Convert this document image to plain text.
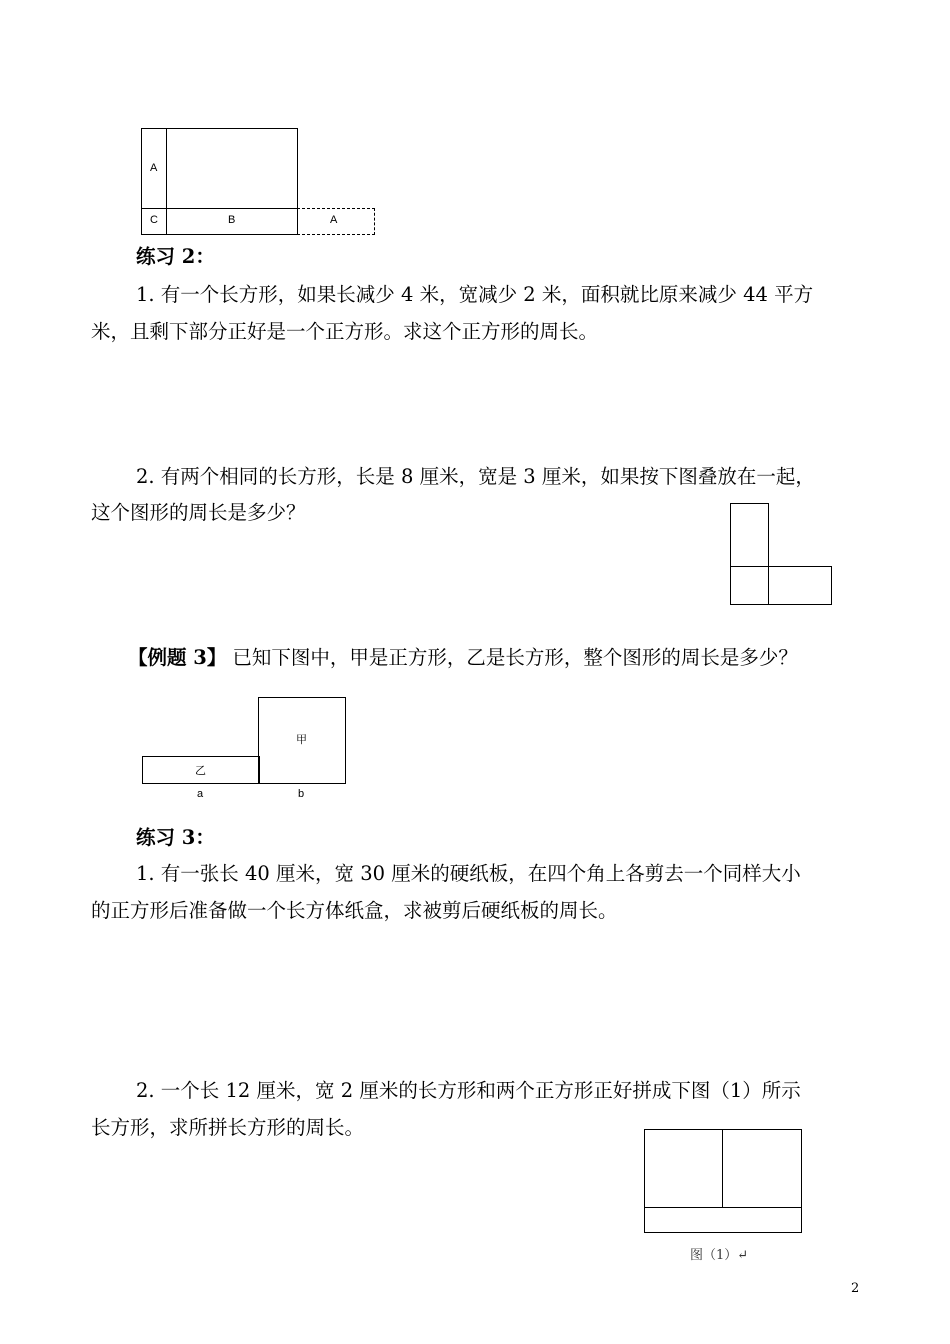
A
C	B	A
练习 2：
1. 有一个长方形，如果长减少 4 米，宽减少 2 米，面积就比原来减少 44 平方
米，且剩下部分正好是一个正方形。求这个正方形的周长。
2. 有两个相同的长方形，长是 8 厘米，宽是 3 厘米，如果按下图叠放在一起，
这个图形的周长是多少？
【例题 3】 已知下图中，甲是正方形，乙是长方形，整个图形的周长是多少？
甲
乙
a	b
练习 3：
1. 有一张长 40 厘米，宽 30 厘米的硬纸板，在四个角上各剪去一个同样大小
的正方形后准备做一个长方体纸盒，求被剪后硬纸板的周长。
2. 一个长 12 厘米，宽 2 厘米的长方形和两个正方形正好拼成下图（1）所示
长方形，求所拼长方形的周长。
图（1）↵
2
